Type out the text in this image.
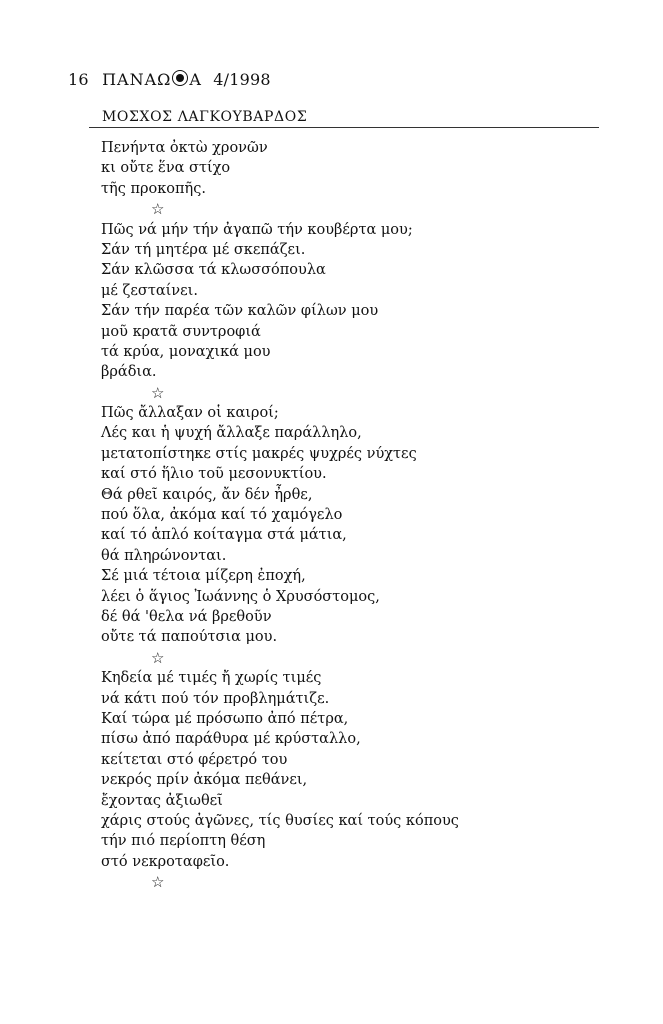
16 ΠΑΝΑΩ Α 4/1998
ΜΟΣΧΟΣ ΛΑΓΚΟΥΒΑΡΔΟΣ
Πενήντα ὀκτὼ χρονῶν
κι οὔτε ἕνα στίχο
τῆς προκοπῆς.
☆
Πῶς νά μήν τήν ἀγαπῶ τήν κουβέρτα μου;
Σάν τή μητέρα μέ σκεπάζει.
Σάν κλῶσσα τά κλωσσόπουλα
μέ ζεσταίνει.
Σάν τήν παρέα τῶν καλῶν φίλων μου
μοῦ κρατᾶ συντροφιά
τά κρύα, μοναχικά μου
βράδια.
☆
Πῶς ἄλλαξαν οἱ καιροί;
Λές και ἡ ψυχή ἄλλαξε παράλληλο,
μετατοπίστηκε στίς μακρές ψυχρές νύχτες
καί στό ἥλιο τοῦ μεσονυκτίου.
Θά ρθεῖ καιρός, ἄν δέν ἦρθε,
πού ὅλα, ἀκόμα καί τό χαμόγελο
καί τό ἁπλό κοίταγμα στά μάτια,
θά πληρώνονται.
Σέ μιά τέτοια μίζερη ἐποχή,
λέει ὁ ἅγιος Ἰωάννης ὁ Χρυσόστομος,
δέ θά 'θελα νά βρεθοῦν
οὔτε τά παπούτσια μου.
☆
Κηδεία μέ τιμές ἤ χωρίς τιμές
νά κάτι πού τόν προβλημάτιζε.
Καί τώρα μέ πρόσωπο ἀπό πέτρα,
πίσω ἀπό παράθυρα μέ κρύσταλλο,
κείτεται στό φέρετρό του
νεκρός πρίν ἀκόμα πεθάνει,
ἔχοντας ἀξιωθεῖ
χάρις στούς ἀγῶνες, τίς θυσίες καί τούς κόπους
τήν πιό περίοπτη θέση
στό νεκροταφεῖο.
☆
